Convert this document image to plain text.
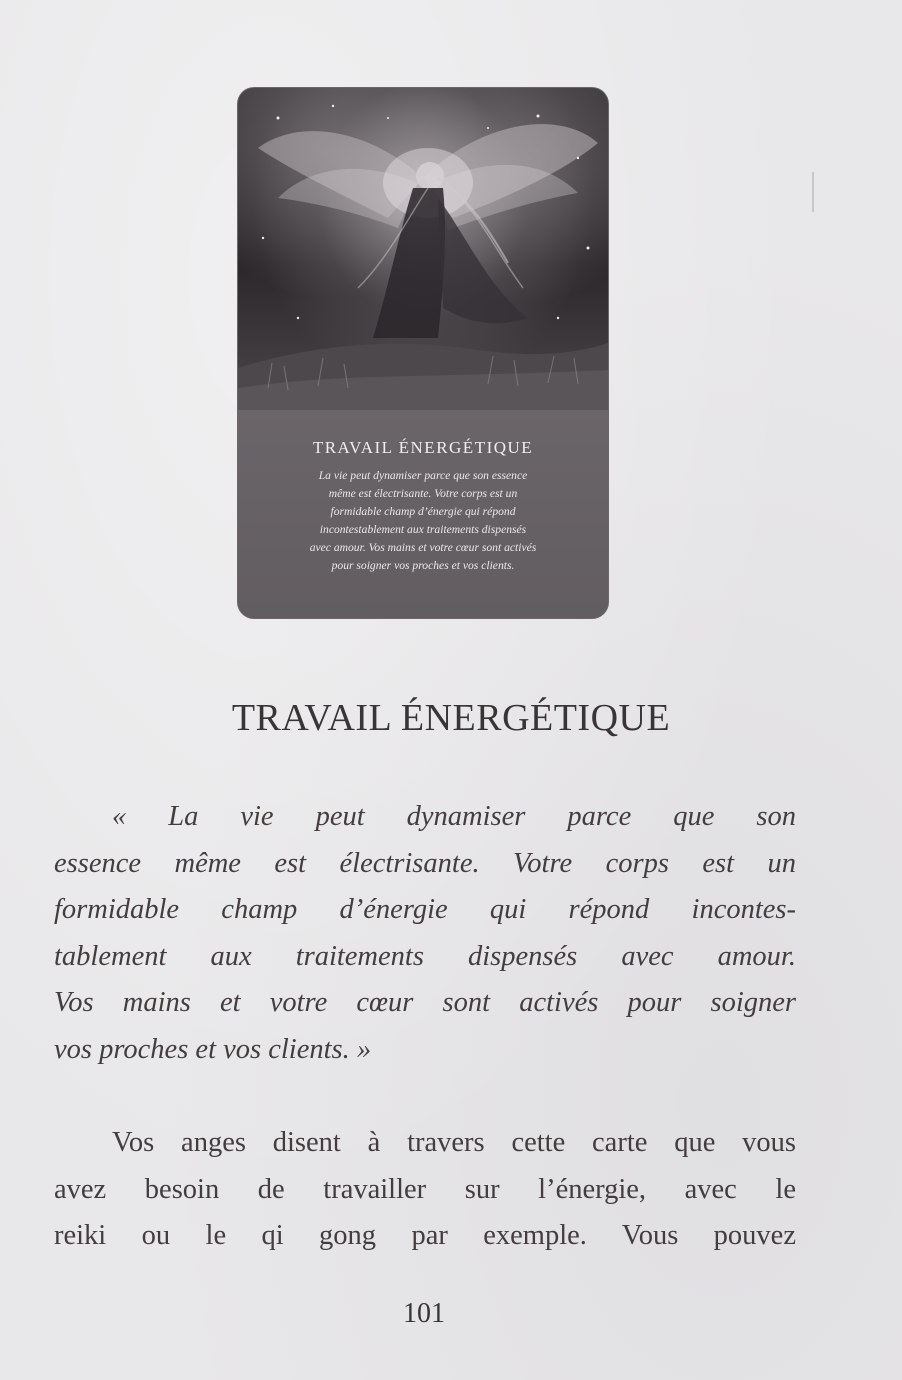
TRAVAIL ÉNERGÉTIQUE
La vie peut dynamiser parce que son essence
même est électrisante. Votre corps est un
formidable champ d’énergie qui répond
incontestablement aux traitements dispensés
avec amour. Vos mains et votre cœur sont activés
pour soigner vos proches et vos clients.
TRAVAIL ÉNERGÉTIQUE
« La vie peut dynamiser parce que son
essence même est électrisante. Votre corps est un
formidable champ d’énergie qui répond incontes-
tablement aux traitements dispensés avec amour.
Vos mains et votre cœur sont activés pour soigner
vos proches et vos clients. »
Vos anges disent à travers cette carte que vous
avez besoin de travailler sur l’énergie, avec le
reiki ou le qi gong par exemple. Vous pouvez
101
